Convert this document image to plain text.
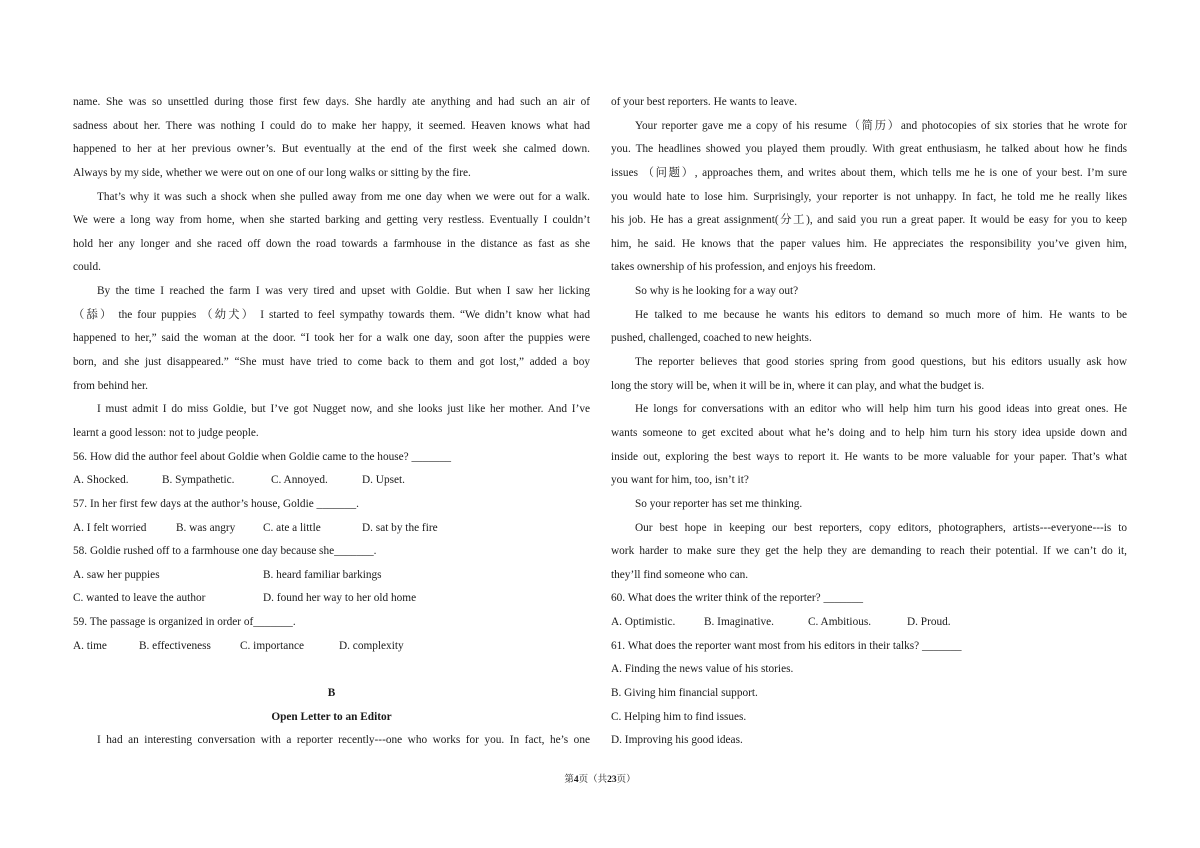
name. She was so unsettled during those first few days. She hardly ate anything and had such an air of
sadness about her. There was nothing I could do to make her happy, it seemed. Heaven knows what had
happened to her at her previous owner’s. But eventually at the end of the first week she calmed down.
Always by my side, whether we were out on one of our long walks or sitting by the fire.
That’s why it was such a shock when she pulled away from me one day when we were out for a walk.
We were a long way from home, when she started barking and getting very restless. Eventually I couldn’t
hold her any longer and she raced off down the road towards a farmhouse in the distance as fast as she
could.
By the time I reached the farm I was very tired and upset with Goldie. But when I saw her licking
（舔） the four puppies （幼犬） I started to feel sympathy towards them. “We didn’t know what had
happened to her,” said the woman at the door. “I took her for a walk one day, soon after the puppies were
born, and she just disappeared.” “She must have tried to come back to them and got lost,” added a boy
from behind her.
I must admit I do miss Goldie, but I’ve got Nugget now, and she looks just like her mother. And I’ve
learnt a good lesson: not to judge people.
56. How did the author feel about Goldie when Goldie came to the house? _______
A. Shocked.	B. Sympathetic.	C. Annoyed.	D. Upset.
57. In her first few days at the author’s house, Goldie _______.
A. I felt worried	B. was angry	C. ate a little	D. sat by the fire
58. Goldie rushed off to a farmhouse one day because she_______.
A. saw her puppies	B. heard familiar barkings
C. wanted to leave the author	D. found her way to her old home
59. The passage is organized in order of_______.
A. time	B. effectiveness	C. importance	D. complexity
B
Open Letter to an Editor
I had an interesting conversation with a reporter recently---one who works for you. In fact, he’s one
of your best reporters. He wants to leave.
Your reporter gave me a copy of his resume（简历）and photocopies of six stories that he wrote for
you. The headlines showed you played them proudly. With great enthusiasm, he talked about how he finds
issues （问题）, approaches them, and writes about them, which tells me he is one of your best. I’m sure
you would hate to lose him. Surprisingly, your reporter is not unhappy. In fact, he told me he really likes
his job. He has a great assignment(分工), and said you run a great paper. It would be easy for you to keep
him, he said. He knows that the paper values him. He appreciates the responsibility you’ve given him,
takes ownership of his profession, and enjoys his freedom.
So why is he looking for a way out?
He talked to me because he wants his editors to demand so much more of him. He wants to be
pushed, challenged, coached to new heights.
The reporter believes that good stories spring from good questions, but his editors usually ask how
long the story will be, when it will be in, where it can play, and what the budget is.
He longs for conversations with an editor who will help him turn his good ideas into great ones. He
wants someone to get excited about what he’s doing and to help him turn his story idea upside down and
inside out, exploring the best ways to report it. He wants to be more valuable for your paper. That’s what
you want for him, too, isn’t it?
So your reporter has set me thinking.
Our best hope in keeping our best reporters, copy editors, photographers, artists---everyone---is to
work harder to make sure they get the help they are demanding to reach their potential. If we can’t do it,
they’ll find someone who can.
60. What does the writer think of the reporter? _______
A. Optimistic.	B. Imaginative.	C. Ambitious.	D. Proud.
61. What does the reporter want most from his editors in their talks? _______
A. Finding the news value of his stories.
B. Giving him financial support.
C. Helping him to find issues.
D. Improving his good ideas.
第4页（共23页）
